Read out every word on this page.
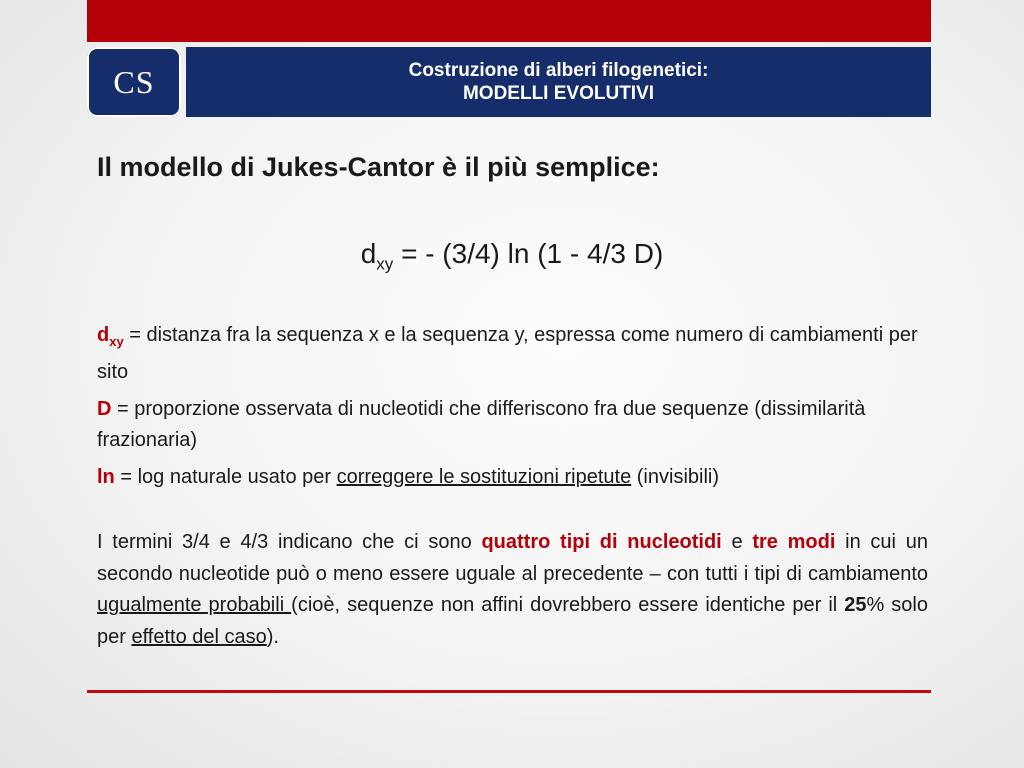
CS	Costruzione di alberi filogenetici:
MODELLI EVOLUTIVI
Il modello di Jukes-Cantor è il più semplice:
$d_{xy}$ = - (3/4) ln (1 - 4/3 D)
$d_{xy}$ = distanza fra la sequenza x e la sequenza y, espressa come numero di cambiamenti per sito
D = proporzione osservata di nucleotidi che differiscono fra due sequenze (dissimilarità frazionaria)
ln = log naturale usato per correggere le sostituzioni ripetute (invisibili)
I termini 3/4 e 4/3 indicano che ci sono quattro tipi di nucleotidi e tre modi in cui un secondo nucleotide può o meno essere uguale al precedente – con tutti i tipi di cambiamento ugualmente probabili (cioè, sequenze non affini dovrebbero essere identiche per il 25% solo per effetto del caso).
